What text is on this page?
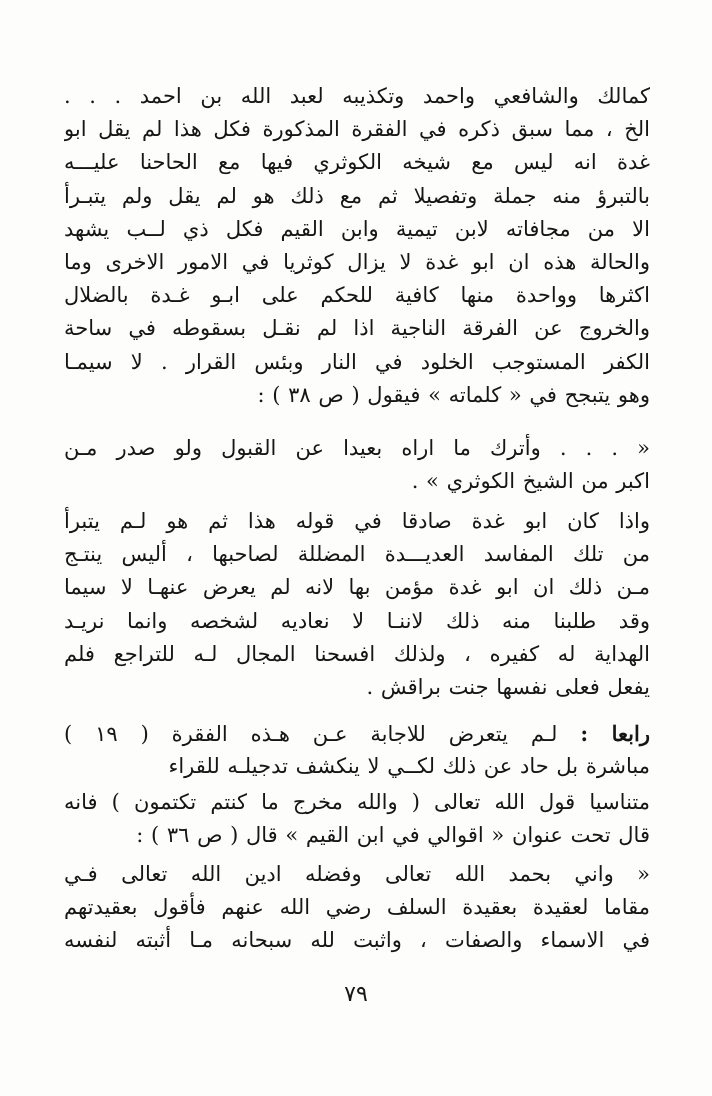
كمالك والشافعي واحمد وتكذيبه لعبد الله بن احمد . . .
الخ ، مما سبق ذكره في الفقرة المذكورة فكل هذا لم يقل ابو
غدة انه ليس مع شيخه الكوثري فيها مع الحاحنا عليـــه
بالتبرؤ منه جملة وتفصيلا ثم مع ذلك هو لم يقل ولم يتبـرأ
الا من مجافاته لابن تيمية وابن القيم فكل ذي لــب يشهد
والحالة هذه ان ابو غدة لا يزال كوثريا في الامور الاخرى وما
اكثرها وواحدة منها كافية للحكم على ابـو غـدة بالضلال
والخروج عن الفرقة الناجية اذا لم نقـل بسقوطه في ساحة
الكفر المستوجب الخلود في النار وبئس القرار . لا سيمـا
وهو يتبجح في « كلماته » فيقول ( ص ٣٨ ) :
« . . . وأترك ما اراه بعيدا عن القبول ولو صدر مـن
اكبر من الشيخ الكوثري » .
واذا كان ابو غدة صادقا في قوله هذا ثم هو لـم يتبرأ
من تلك المفاسد العديـــدة المضللة لصاحبها ، أليس ينتـج
مـن ذلك ان ابو غدة مؤمن بها لانه لم يعرض عنهـا لا سيما
وقد طلبنا منه ذلك لاننـا لا نعاديه لشخصه وانما نريـد
الهداية له كفيره ، ولذلك افسحنا المجال لـه للتراجع فلم
يفعل فعلى نفسها جنت براقش .
رابعا : لـم يتعرض للاجابة عـن هـذه الفقرة ( ١٩ )
مباشرة بل حاد عن ذلك لكــي لا ينكشف تدجيلـه للقراء
متناسيا قول الله تعالى ( والله مخرج ما كنتم تكتمون ) فانه
قال تحت عنوان « اقوالي في ابن القيم » قال ( ص ٣٦ ) :
« واني بحمد الله تعالى وفضله ادين الله تعالى فـي
مقاما لعقيدة بعقيدة السلف رضي الله عنهم فأقول بعقيدتهم
في الاسماء والصفات ، واثبت لله سبحانه مـا أثبته لنفسه
٧٩
